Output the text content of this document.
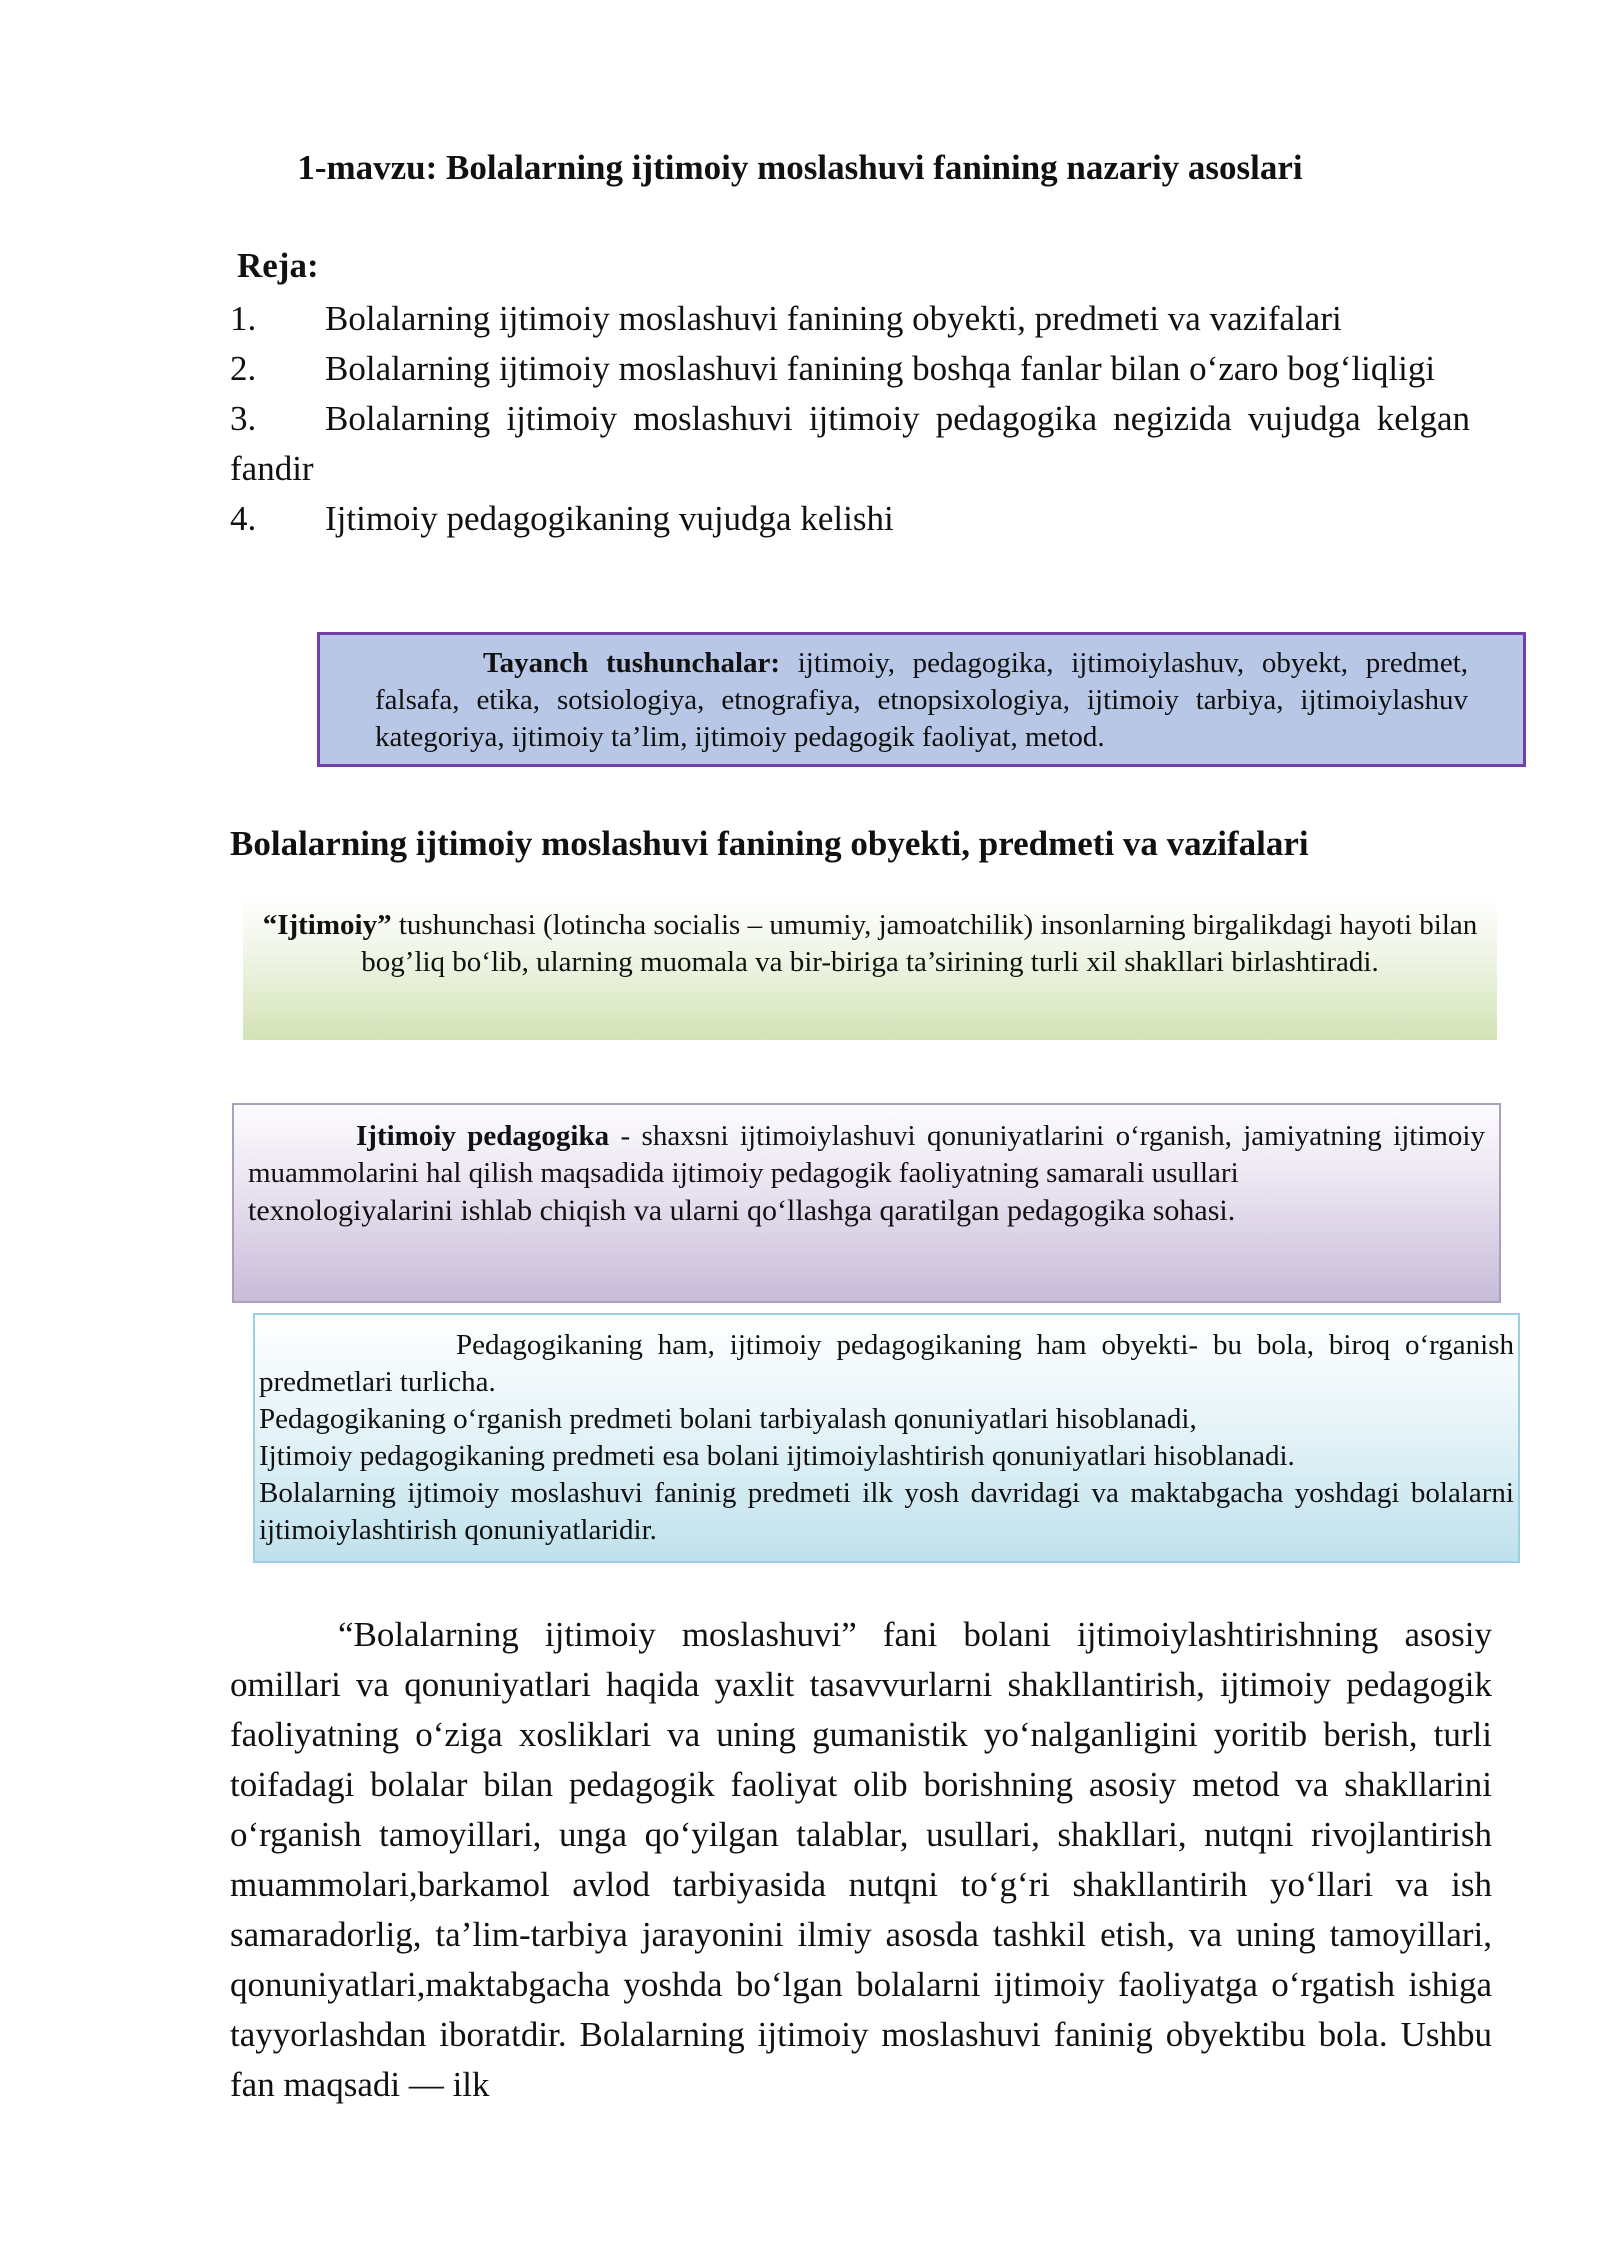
1-mavzu: Bolalarning ijtimoiy moslashuvi fanining nazariy asoslari
Reja:
1. Bolalarning ijtimoiy moslashuvi fanining obyekti, predmeti va vazifalari
2. Bolalarning ijtimoiy moslashuvi fanining boshqa fanlar bilan o‘zaro bog‘liqligi
3. Bolalarning ijtimoiy moslashuvi ijtimoiy pedagogika negizida vujudga kelgan fandir
4. Ijtimoiy pedagogikaning vujudga kelishi
Tayanch tushunchalar: ijtimoiy, pedagogika, ijtimoiylashuv, obyekt, predmet, falsafa, etika, sotsiologiya, etnografiya, etnopsixologiya, ijtimoiy tarbiya, ijtimoiylashuv kategoriya, ijtimoiy ta’lim, ijtimoiy pedagogik faoliyat, metod.
Bolalarning ijtimoiy moslashuvi fanining obyekti, predmeti va vazifalari
“Ijtimoiy” tushunchasi (lotincha socialis – umumiy, jamoatchilik) insonlarning birgalikdagi hayoti bilan bog’liq bo‘lib, ularning muomala va bir-biriga ta’sirining turli xil shakllari birlashtiradi.
Ijtimoiy pedagogika - shaxsni ijtimoiylashuvi qonuniyatlarini o‘rganish, jamiyatning ijtimoiy muammolarini hal qilish maqsadida ijtimoiy pedagogik faoliyatning samarali usullari
texnologiyalarini ishlab chiqish va ularni qo‘llashga qaratilgan pedagogika sohasi.
Pedagogikaning ham, ijtimoiy pedagogikaning ham obyekti- bu bola, biroq o‘rganish predmetlari turlicha.
Pedagogikaning o‘rganish predmeti bolani tarbiyalash qonuniyatlari hisoblanadi,
Ijtimoiy pedagogikaning predmeti esa bolani ijtimoiylashtirish qonuniyatlari hisoblanadi.
Bolalarning ijtimoiy moslashuvi faninig predmeti ilk yosh davridagi va maktabgacha yoshdagi bolalarni ijtimoiylashtirish qonuniyatlaridir.
“Bolalarning ijtimoiy moslashuvi” fani bolani ijtimoiylashtirishning asosiy omillari va qonuniyatlari haqida yaxlit tasavvurlarni shakllantirish, ijtimoiy pedagogik faoliyatning o‘ziga xosliklari va uning gumanistik yo‘nalganligini yoritib berish, turli toifadagi bolalar bilan pedagogik faoliyat olib borishning asosiy metod va shakllarini o‘rganish tamoyillari, unga qo‘yilgan talablar, usullari, shakllari, nutqni rivojlantirish muammolari,barkamol avlod tarbiyasida nutqni to‘g‘ri shakllantirih yo‘llari va ish samaradorlig, ta’lim-tarbiya jarayonini ilmiy asosda tashkil etish, va uning tamoyillari, qonuniyatlari,maktabgacha yoshda bo‘lgan bolalarni ijtimoiy faoliyatga o‘rgatish ishiga tayyorlashdan iboratdir. Bolalarning ijtimoiy moslashuvi faninig obyektibu bola. Ushbu fan maqsadi — ilk
